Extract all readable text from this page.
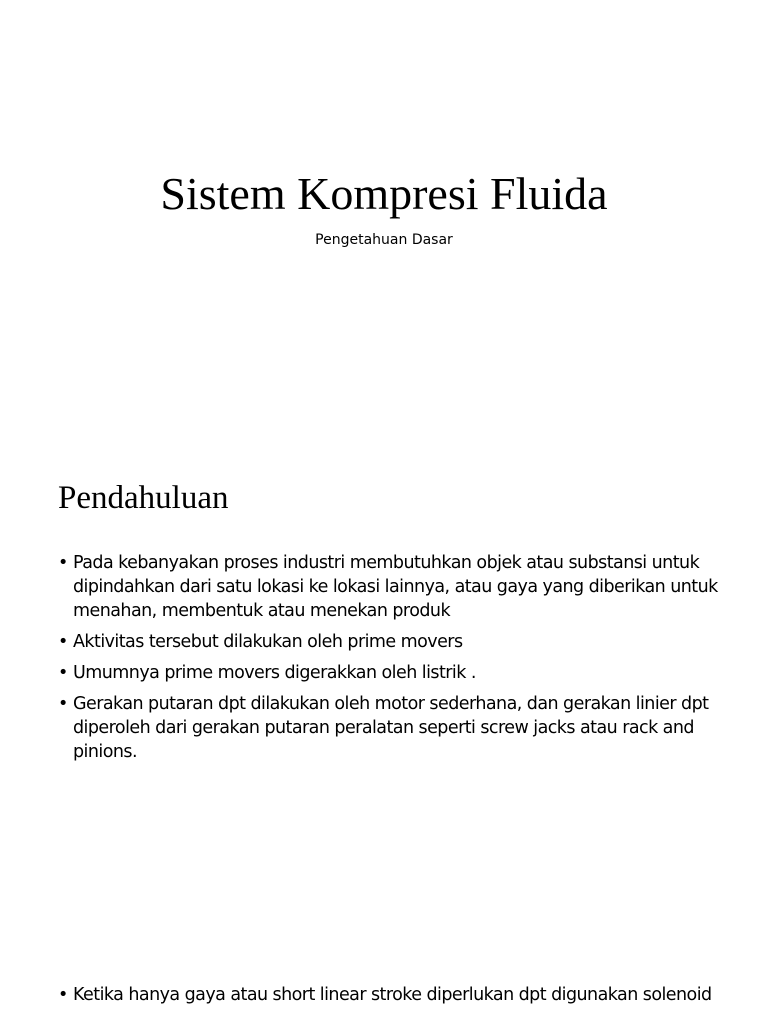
Sistem Kompresi Fluida
Pengetahuan Dasar
Pendahuluan
• Pada kebanyakan proses industri membutuhkan objek atau substansi untuk dipindahkan dari satu lokasi ke lokasi lainnya, atau gaya yang diberikan untuk menahan, membentuk atau menekan produk
• Aktivitas tersebut dilakukan oleh prime movers
• Umumnya prime movers digerakkan oleh listrik .
• Gerakan putaran dpt dilakukan oleh motor sederhana, dan gerakan linier dpt diperoleh dari gerakan putaran peralatan seperti screw jacks atau rack and pinions.
• Ketika hanya gaya atau short linear stroke diperlukan dpt digunakan solenoid
